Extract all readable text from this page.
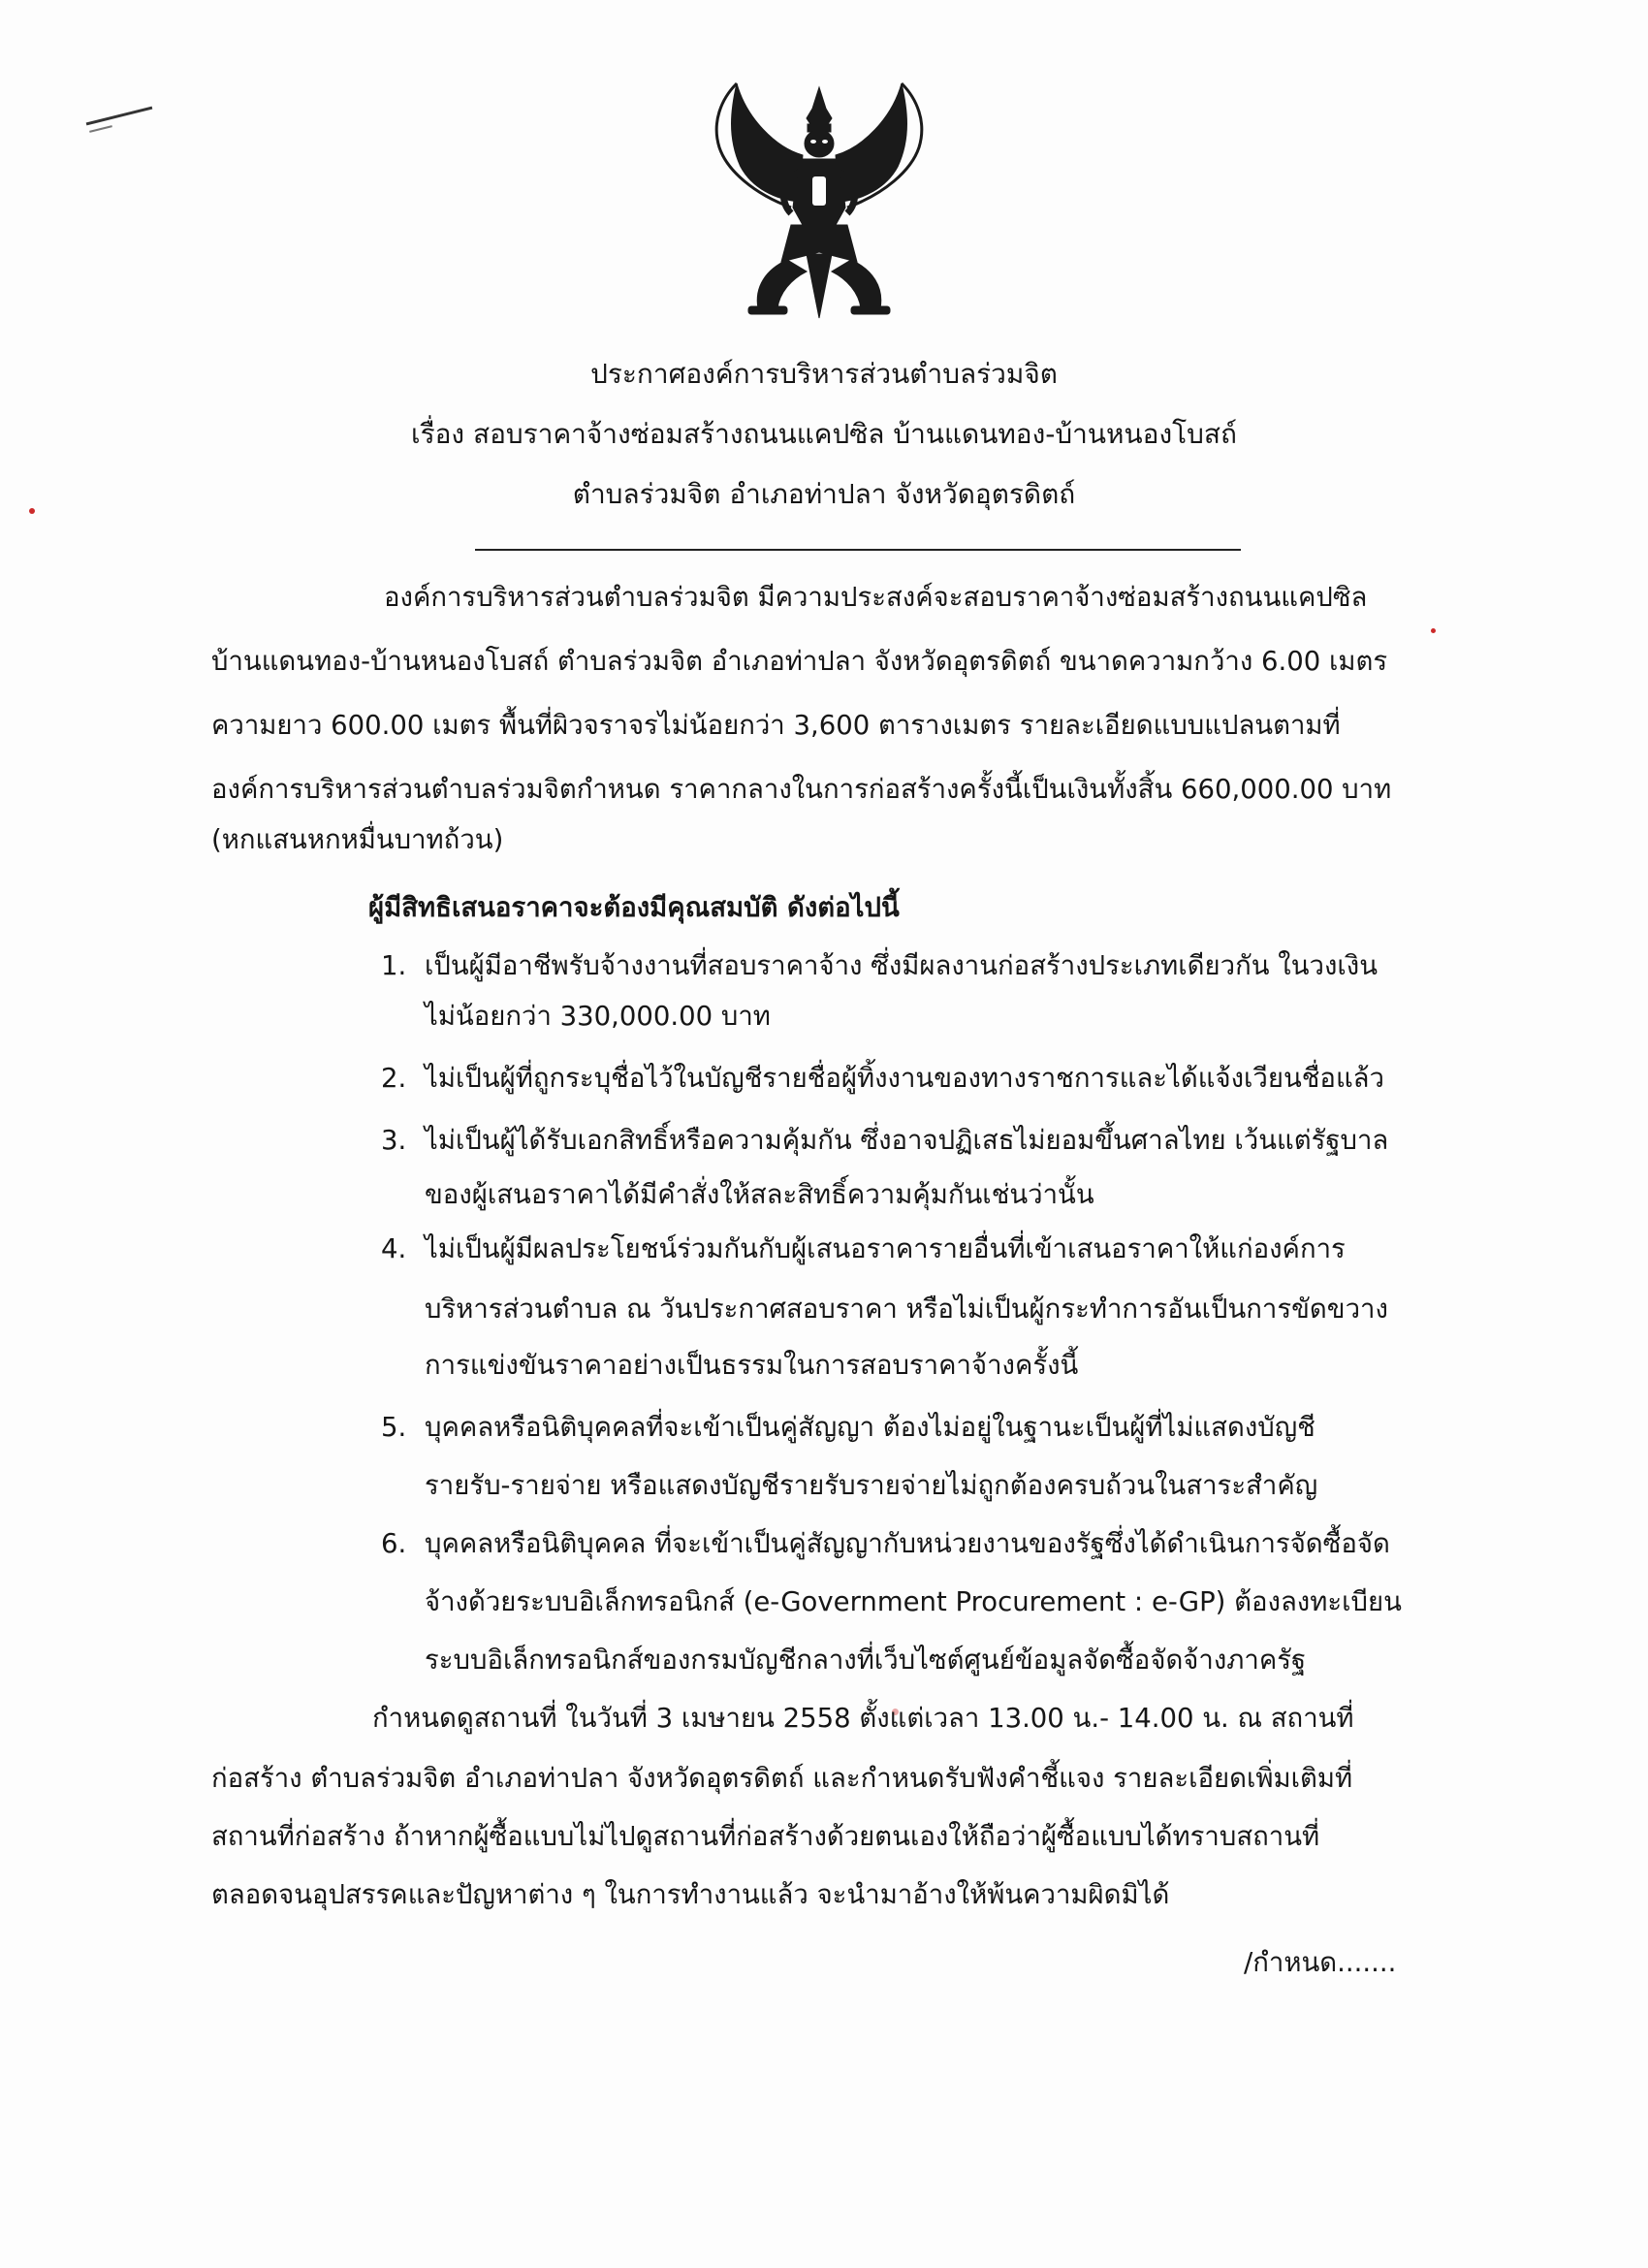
ประกาศองค์การบริหารส่วนตำบลร่วมจิต
เรื่อง สอบราคาจ้างซ่อมสร้างถนนแคปซิล บ้านแดนทอง-บ้านหนองโบสถ์
ตำบลร่วมจิต อำเภอท่าปลา จังหวัดอุตรดิตถ์
องค์การบริหารส่วนตำบลร่วมจิต มีความประสงค์จะสอบราคาจ้างซ่อมสร้างถนนแคปซิล
บ้านแดนทอง-บ้านหนองโบสถ์ ตำบลร่วมจิต อำเภอท่าปลา จังหวัดอุตรดิตถ์ ขนาดความกว้าง 6.00 เมตร
ความยาว 600.00 เมตร พื้นที่ผิวจราจรไม่น้อยกว่า 3,600 ตารางเมตร รายละเอียดแบบแปลนตามที่
องค์การบริหารส่วนตำบลร่วมจิตกำหนด ราคากลางในการก่อสร้างครั้งนี้เป็นเงินทั้งสิ้น 660,000.00 บาท
(หกแสนหกหมื่นบาทถ้วน)
ผู้มีสิทธิเสนอราคาจะต้องมีคุณสมบัติ ดังต่อไปนี้
1. เป็นผู้มีอาชีพรับจ้างงานที่สอบราคาจ้าง ซึ่งมีผลงานก่อสร้างประเภทเดียวกัน ในวงเงิน
ไม่น้อยกว่า 330,000.00 บาท
2. ไม่เป็นผู้ที่ถูกระบุชื่อไว้ในบัญชีรายชื่อผู้ทิ้งงานของทางราชการและได้แจ้งเวียนชื่อแล้ว
3. ไม่เป็นผู้ได้รับเอกสิทธิ์หรือความคุ้มกัน ซึ่งอาจปฏิเสธไม่ยอมขึ้นศาลไทย เว้นแต่รัฐบาล
ของผู้เสนอราคาได้มีคำสั่งให้สละสิทธิ์ความคุ้มกันเช่นว่านั้น
4. ไม่เป็นผู้มีผลประโยชน์ร่วมกันกับผู้เสนอราคารายอื่นที่เข้าเสนอราคาให้แก่องค์การ
บริหารส่วนตำบล ณ วันประกาศสอบราคา หรือไม่เป็นผู้กระทำการอันเป็นการขัดขวาง
การแข่งขันราคาอย่างเป็นธรรมในการสอบราคาจ้างครั้งนี้
5. บุคคลหรือนิติบุคคลที่จะเข้าเป็นคู่สัญญา ต้องไม่อยู่ในฐานะเป็นผู้ที่ไม่แสดงบัญชี
รายรับ-รายจ่าย หรือแสดงบัญชีรายรับรายจ่ายไม่ถูกต้องครบถ้วนในสาระสำคัญ
6. บุคคลหรือนิติบุคคล ที่จะเข้าเป็นคู่สัญญากับหน่วยงานของรัฐซึ่งได้ดำเนินการจัดซื้อจัด
จ้างด้วยระบบอิเล็กทรอนิกส์ (e-Government Procurement : e-GP) ต้องลงทะเบียน
ระบบอิเล็กทรอนิกส์ของกรมบัญชีกลางที่เว็บไซต์ศูนย์ข้อมูลจัดซื้อจัดจ้างภาครัฐ
กำหนดดูสถานที่ ในวันที่ 3 เมษายน 2558 ตั้งแต่เวลา 13.00 น.- 14.00 น. ณ สถานที่
ก่อสร้าง ตำบลร่วมจิต อำเภอท่าปลา จังหวัดอุตรดิตถ์ และกำหนดรับฟังคำชี้แจง รายละเอียดเพิ่มเติมที่
สถานที่ก่อสร้าง ถ้าหากผู้ซื้อแบบไม่ไปดูสถานที่ก่อสร้างด้วยตนเองให้ถือว่าผู้ซื้อแบบได้ทราบสถานที่
ตลอดจนอุปสรรคและปัญหาต่าง ๆ ในการทำงานแล้ว จะนำมาอ้างให้พ้นความผิดมิได้
/กำหนด.......
